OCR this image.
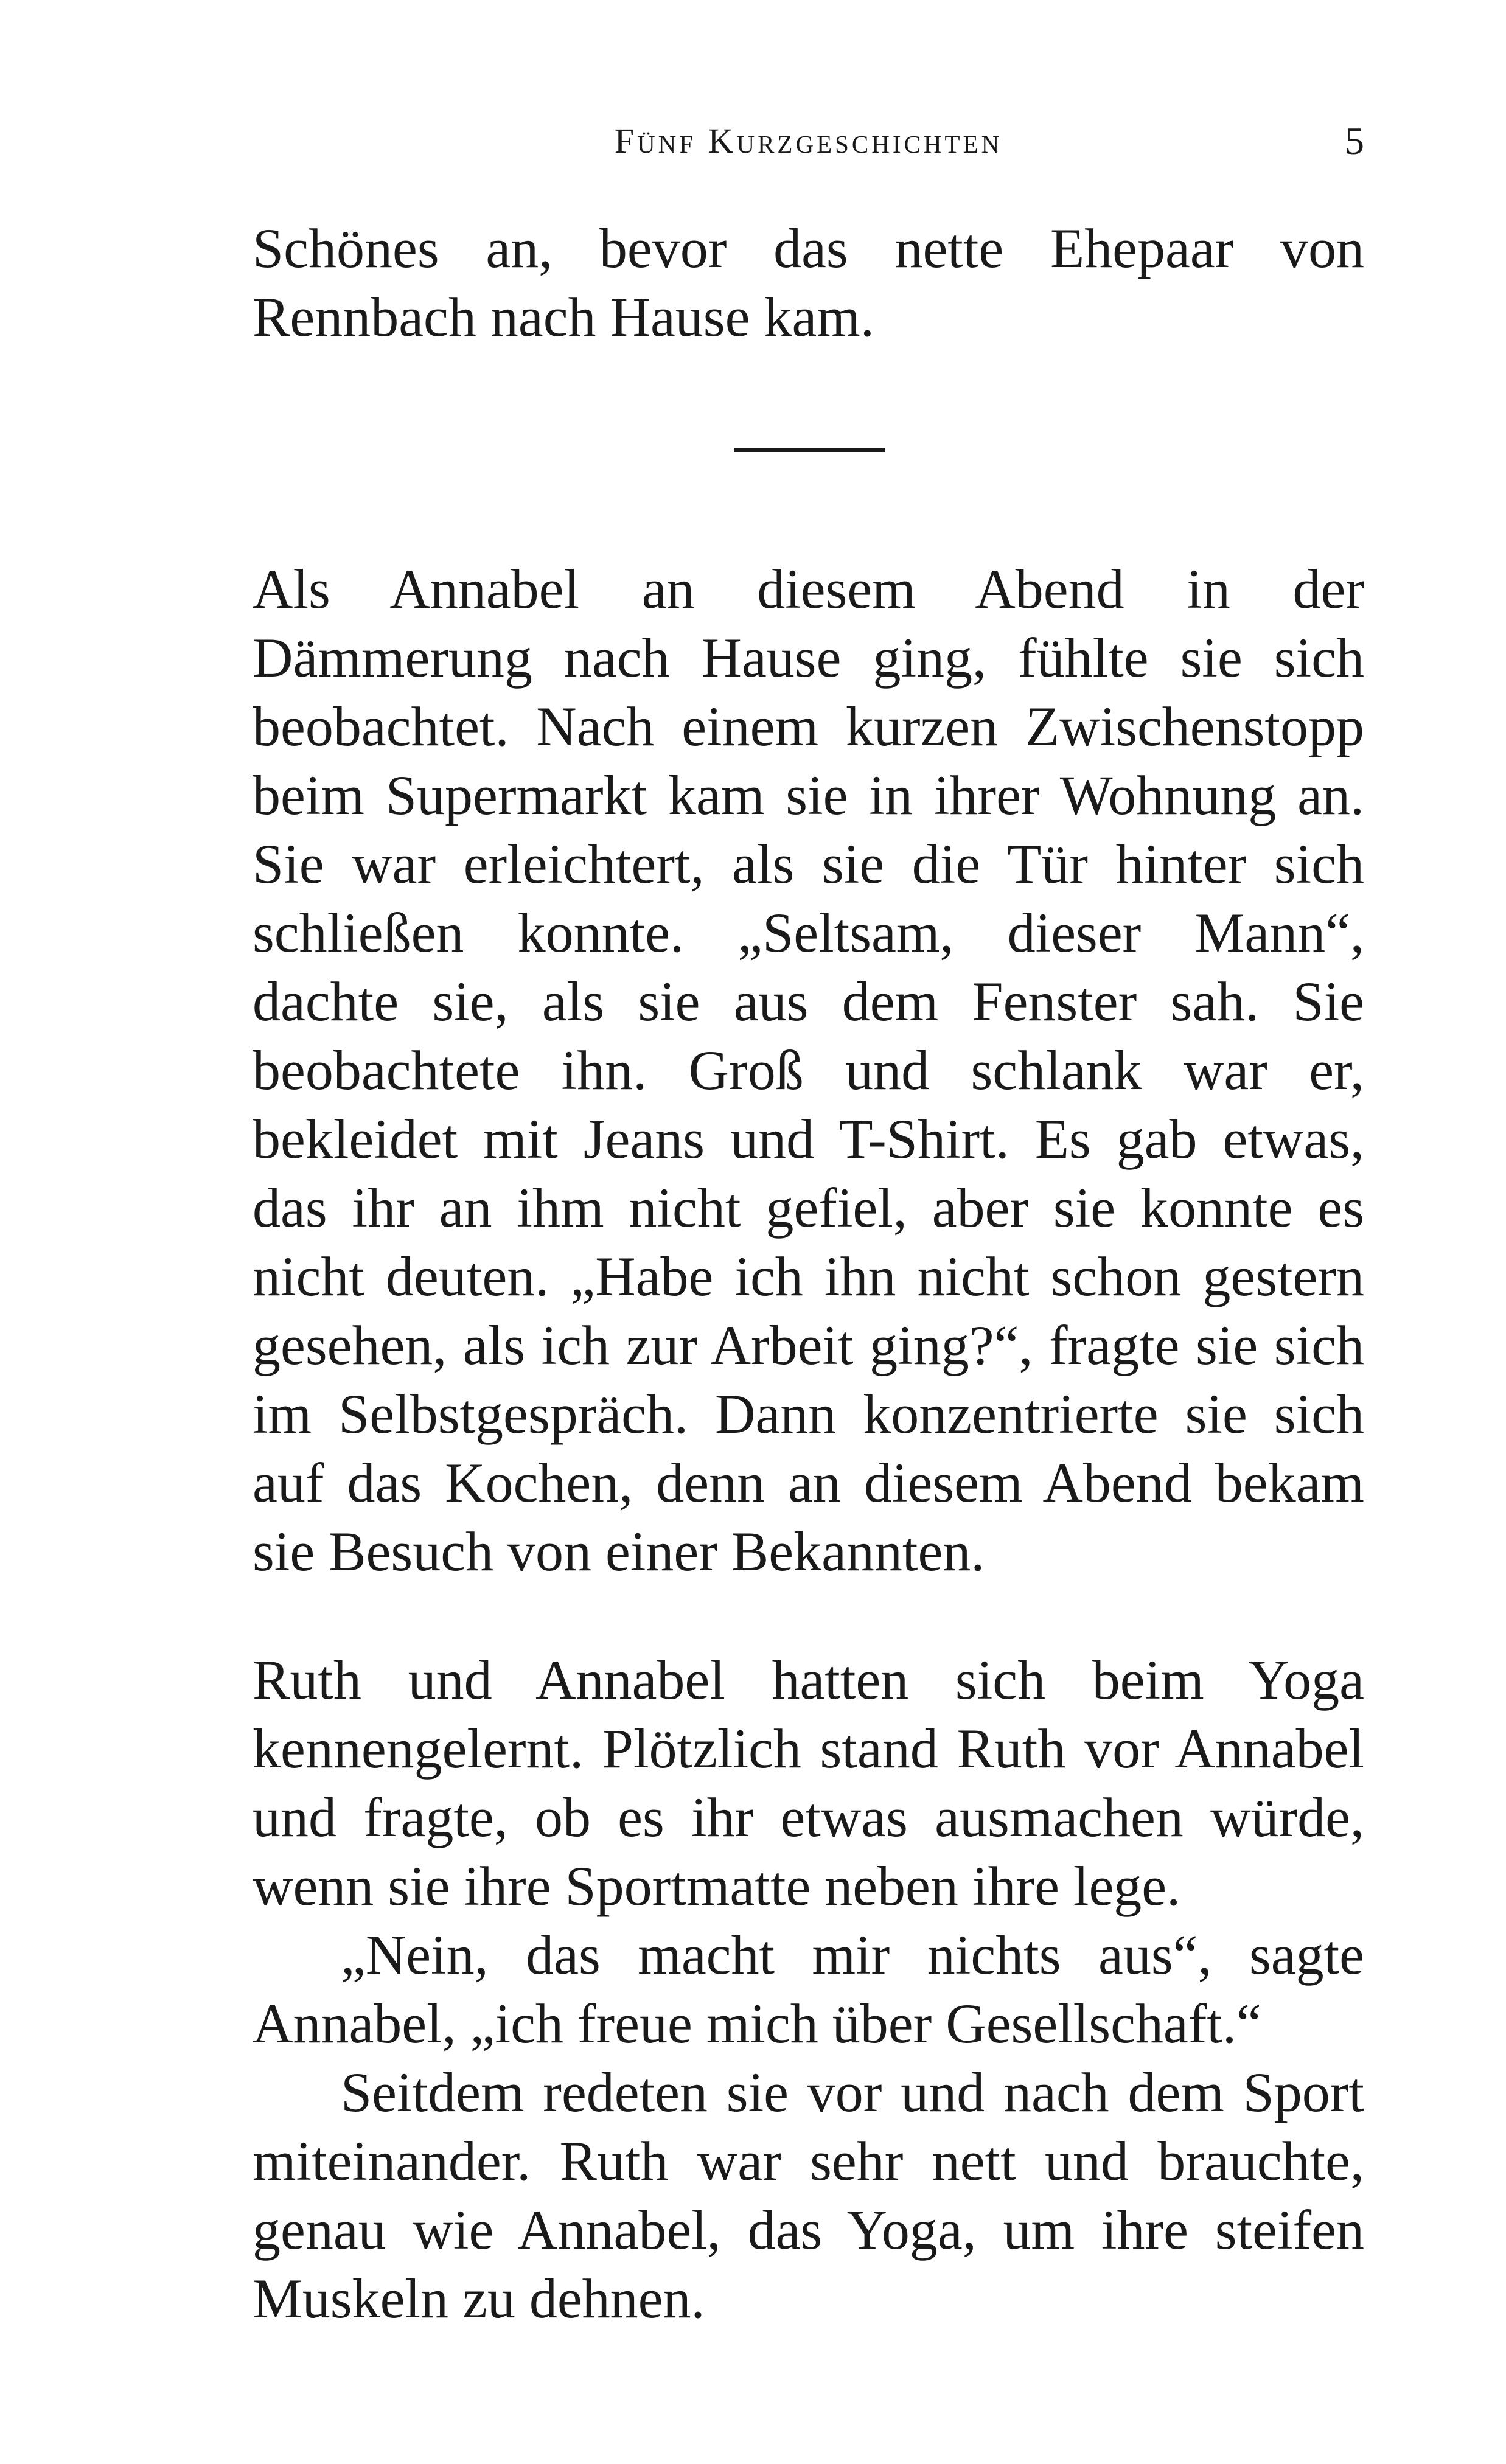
Fünf Kurzgeschichten	5

Schönes an, bevor das nette Ehepaar von Rennbach nach Hause kam.

Als Annabel an diesem Abend in der Dämmerung nach Hause ging, fühlte sie sich beobachtet. Nach einem kurzen Zwischenstopp beim Supermarkt kam sie in ihrer Wohnung an. Sie war erleichtert, als sie die Tür hinter sich schließen konnte. „Seltsam, dieser Mann“, dachte sie, als sie aus dem Fenster sah. Sie beobachtete ihn. Groß und schlank war er, bekleidet mit Jeans und T-Shirt. Es gab etwas, das ihr an ihm nicht gefiel, aber sie konnte es nicht deuten. „Habe ich ihn nicht schon gestern gesehen, als ich zur Arbeit ging?“, fragte sie sich im Selbstgespräch. Dann konzentrierte sie sich auf das Kochen, denn an diesem Abend bekam sie Besuch von einer Bekannten.

Ruth und Annabel hatten sich beim Yoga kennengelernt. Plötzlich stand Ruth vor Annabel und fragte, ob es ihr etwas ausmachen würde, wenn sie ihre Sportmatte neben ihre lege.

„Nein, das macht mir nichts aus“, sagte Annabel, „ich freue mich über Gesellschaft.“

Seitdem redeten sie vor und nach dem Sport miteinander. Ruth war sehr nett und brauchte, genau wie Annabel, das Yoga, um ihre steifen Muskeln zu dehnen.
